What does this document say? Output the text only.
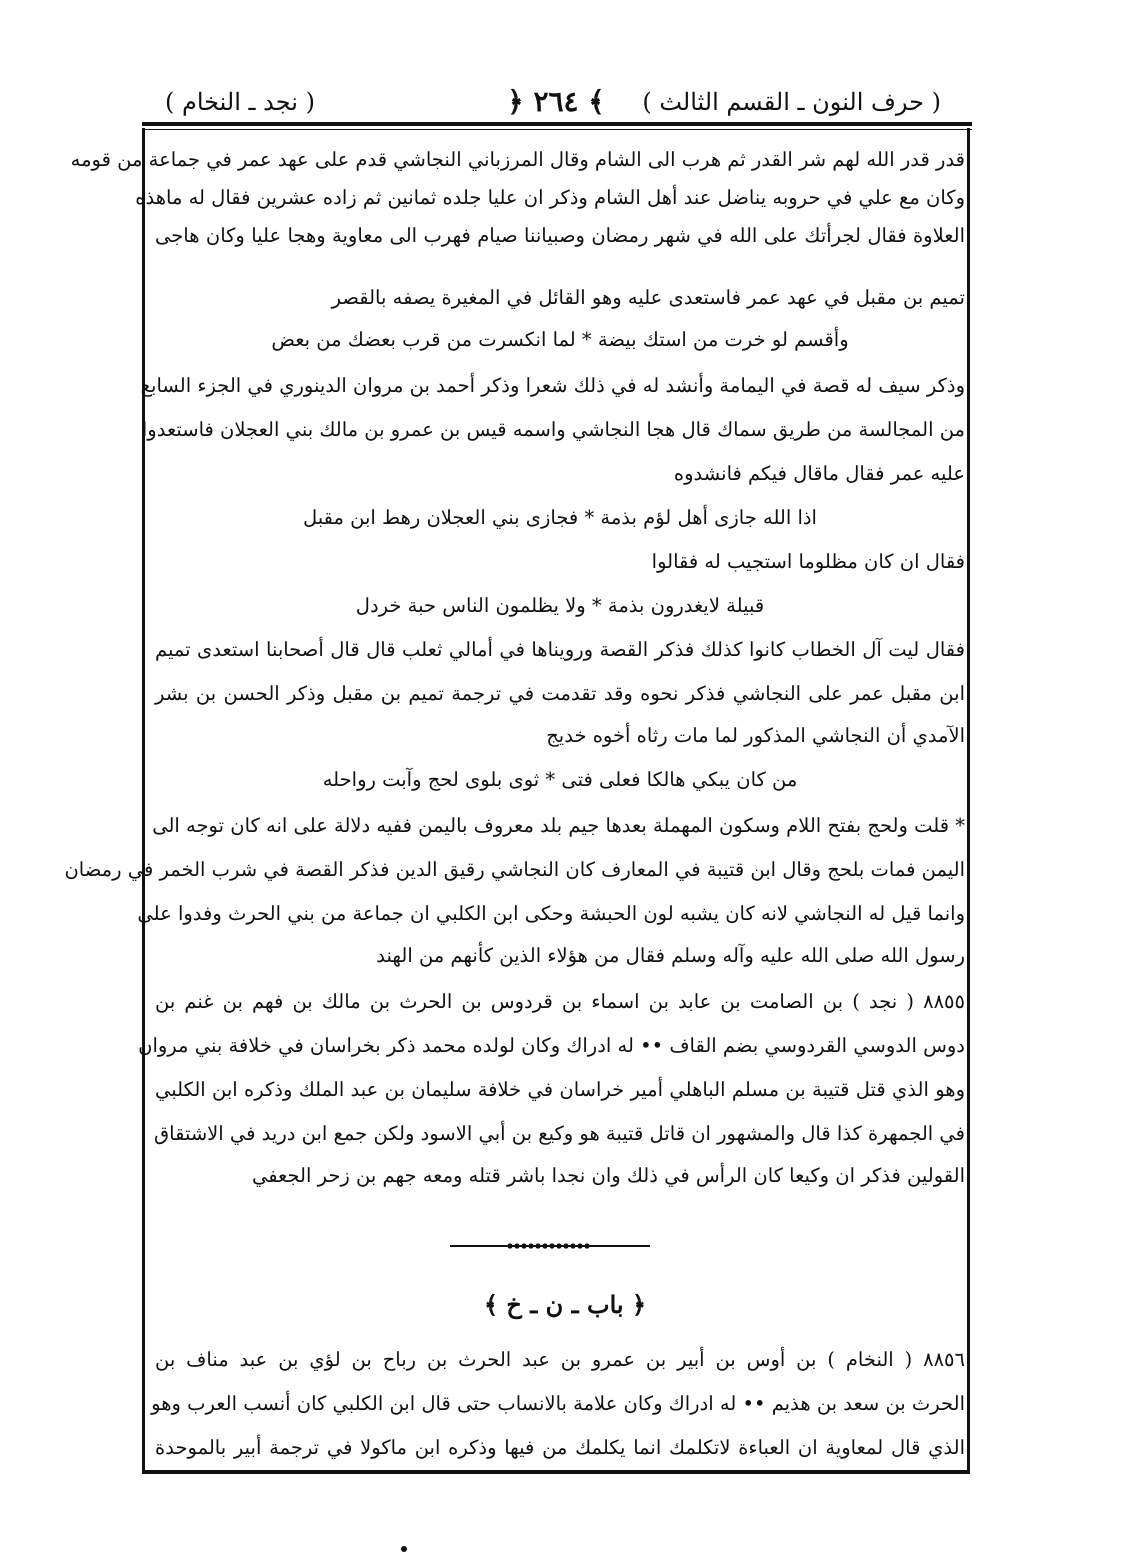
( حرف النون ـ القسم الثالث )
﴿ ٢٦٤ ﴾
( نجد ـ النخام )
قدر قدر الله لهم شر القدر ثم هرب الى الشام وقال المرزباني النجاشي قدم على عهد عمر في جماعة من قومه
وكان مع علي في حروبه يناضل عند أهل الشام وذكر ان عليا جلده ثمانين ثم زاده عشرين فقال له ماهذه
العلاوة فقال لجرأتك على الله في شهر رمضان وصبياننا صيام فهرب الى معاوية وهجا عليا وكان هاجى
تميم بن مقبل في عهد عمر فاستعدى عليه وهو القائل في المغيرة يصفه بالقصر
وأقسم لو خرت من استك بيضة * لما انكسرت من قرب بعضك من بعض
وذكر سيف له قصة في اليمامة وأنشد له في ذلك شعرا وذكر أحمد بن مروان الدينوري في الجزء السابع
من المجالسة من طريق سماك قال هجا النجاشي واسمه قيس بن عمرو بن مالك بني العجلان فاستعدوا
عليه عمر فقال ماقال فيكم فانشدوه
اذا الله جازى أهل لؤم بذمة * فجازى بني العجلان رهط ابن مقبل
فقال ان كان مظلوما استجيب له فقالوا
قبيلة لايغدرون بذمة * ولا يظلمون الناس حبة خردل
فقال ليت آل الخطاب كانوا كذلك فذكر القصة ورويناها في أمالي ثعلب قال قال أصحابنا استعدى تميم
ابن مقبل عمر على النجاشي فذكر نحوه وقد تقدمت في ترجمة تميم بن مقبل وذكر الحسن بن بشر
الآمدي أن النجاشي المذكور لما مات رثاه أخوه خديج
من كان يبكي هالكا فعلى فتى * ثوى بلوى لحج وآبت رواحله
* قلت ولحج بفتح اللام وسكون المهملة بعدها جيم بلد معروف باليمن ففيه دلالة على انه كان توجه الى
اليمن فمات بلحج وقال ابن قتيبة في المعارف كان النجاشي رقيق الدين فذكر القصة في شرب الخمر في رمضان
وانما قيل له النجاشي لانه كان يشبه لون الحبشة وحكى ابن الكلبي ان جماعة من بني الحرث وفدوا على
رسول الله صلى الله عليه وآله وسلم فقال من هؤلاء الذين كأنهم من الهند
٨٨٥٥ ( نجد ) بن الصامت بن عابد بن اسماء بن قردوس بن الحرث بن مالك بن فهم بن غنم بن
دوس الدوسي القردوسي بضم القاف •• له ادراك وكان لولده محمد ذكر بخراسان في خلافة بني مروان
وهو الذي قتل قتيبة بن مسلم الباهلي أمير خراسان في خلافة سليمان بن عبد الملك وذكره ابن الكلبي
في الجمهرة كذا قال والمشهور ان قاتل قتيبة هو وكيع بن أبي الاسود ولكن جمع ابن دريد في الاشتقاق
القولين فذكر ان وكيعا كان الرأس في ذلك وان نجدا باشر قتله ومعه جهم بن زحر الجعفي
﴿ باب ـ ن ـ خ ﴾
٨٨٥٦ ( النخام ) بن أوس بن أبير بن عمرو بن عبد الحرث بن رباح بن لؤي بن عبد مناف بن
الحرث بن سعد بن هذيم •• له ادراك وكان علامة بالانساب حتى قال ابن الكلبي كان أنسب العرب وهو
الذي قال لمعاوية ان العباءة لاتكلمك انما يكلمك من فيها وذكره ابن ماكولا في ترجمة أبير بالموحدة
